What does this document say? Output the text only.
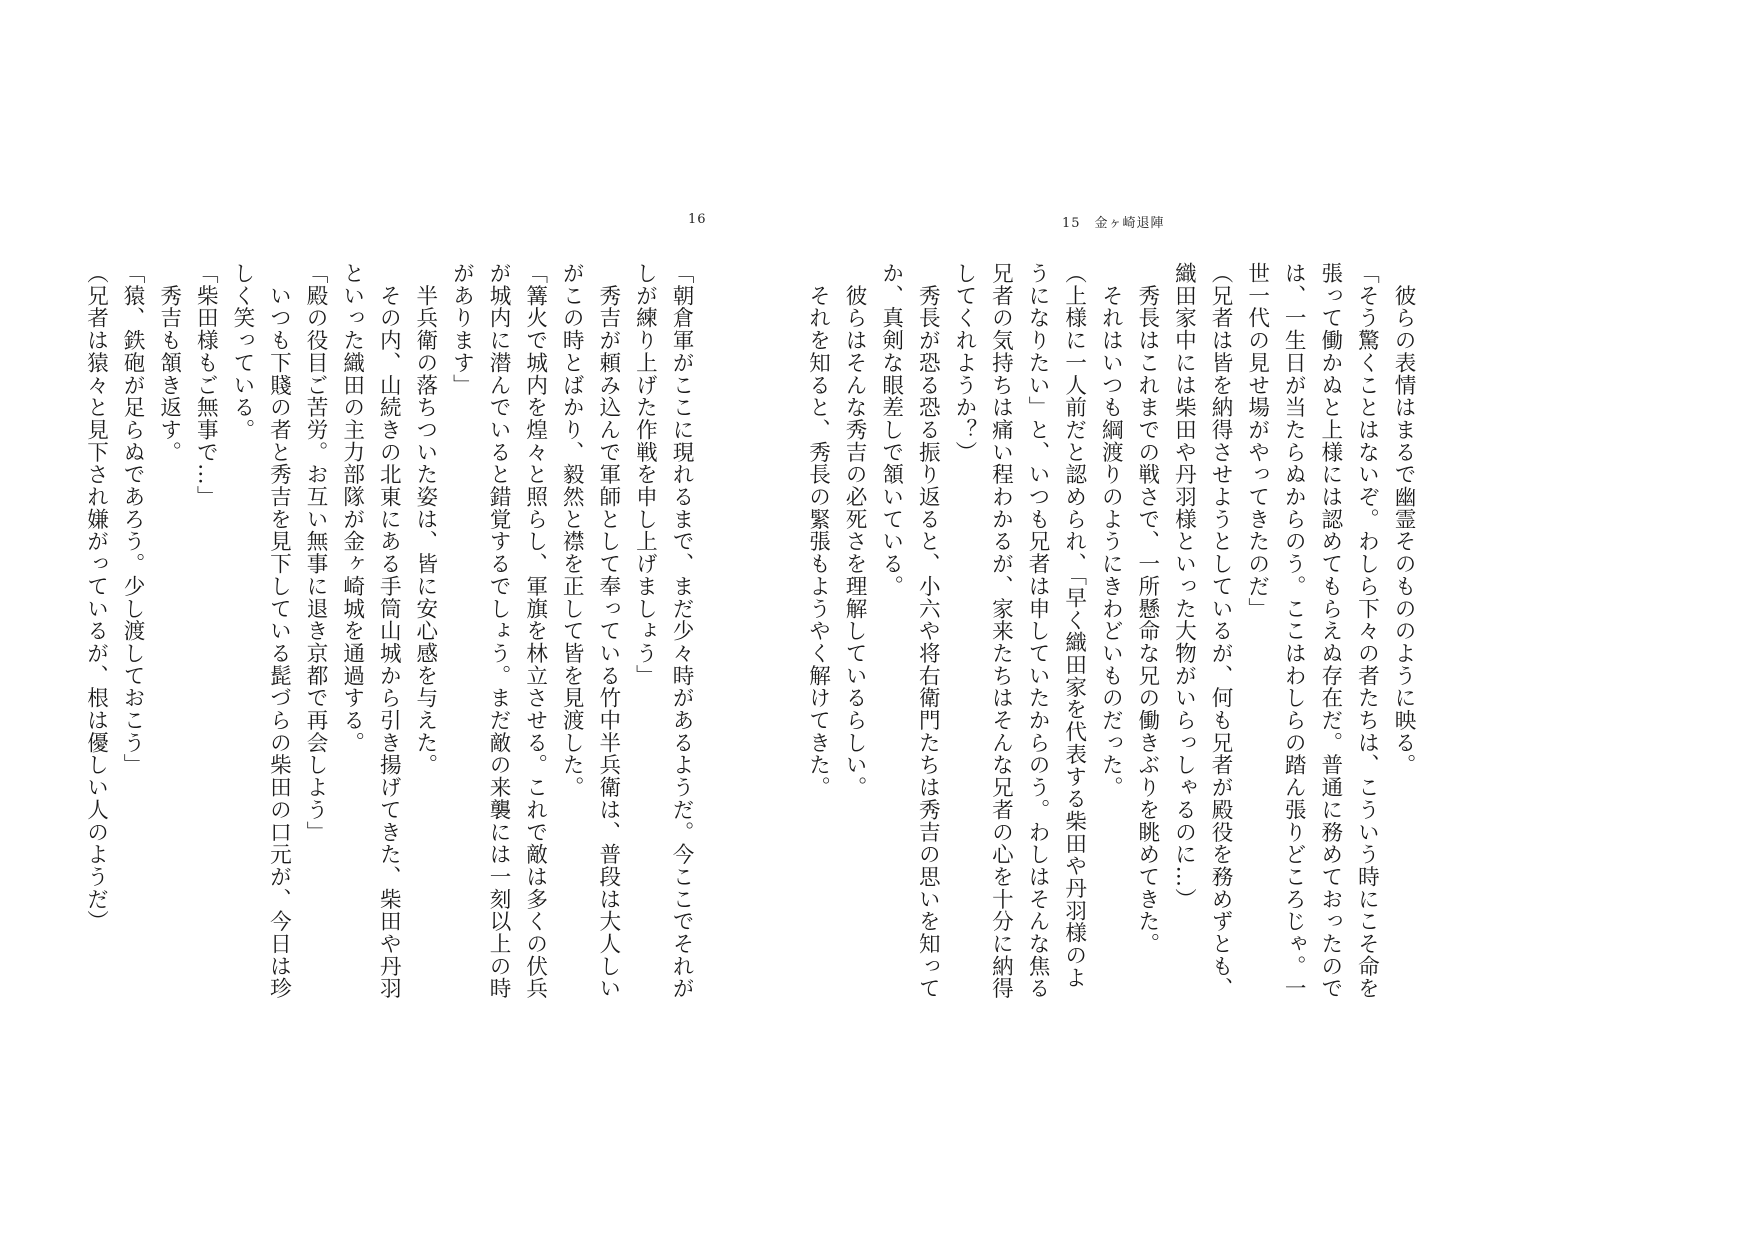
16

「朝倉軍がここに現れるまで、まだ少々時があるようだ。今ここでそれがしが練り上げた作戦を申し上げましょう」

　秀吉が頼み込んで軍師として奉っている竹中半兵衛は、普段は大人しいがこの時とばかり、毅然と襟を正して皆を見渡した。

「篝火で城内を煌々と照らし、軍旗を林立させる。これで敵は多くの伏兵が城内に潜んでいると錯覚するでしょう。まだ敵の来襲には一刻以上の時があります」

　半兵衛の落ちついた姿は、皆に安心感を与えた。

　その内、山続きの北東にある手筒山城から引き揚げてきた、柴田や丹羽といった織田の主力部隊が金ヶ崎城を通過する。

「殿の役目ご苦労。お互い無事に退き京都で再会しよう」

　いつも下賤の者と秀吉を見下している髭づらの柴田の口元が、今日は珍しく笑っている。

「柴田様もご無事で…」

　秀吉も頷き返す。

「猿、鉄砲が足らぬであろう。少し渡しておこう」

（兄者は猿々と見下され嫌がっているが、根は優しい人のようだ）

15　金ヶ崎退陣

　彼らの表情はまるで幽霊そのもののように映る。

「そう驚くことはないぞ。わしら下々の者たちは、こういう時にこそ命を張って働かぬと上様には認めてもらえぬ存在だ。普通に務めておったのでは、一生日が当たらぬからのう。ここはわしらの踏ん張りどころじゃ。一世一代の見せ場がやってきたのだ」

（兄者は皆を納得させようとしているが、何も兄者が殿役を務めずとも、織田家中には柴田や丹羽様といった大物がいらっしゃるのに…）

　秀長はこれまでの戦さで、一所懸命な兄の働きぶりを眺めてきた。

　それはいつも綱渡りのようにきわどいものだった。

（上様に一人前だと認められ、「早く織田家を代表する柴田や丹羽様のようになりたい」と、いつも兄者は申していたからのう。わしはそんな焦る兄者の気持ちは痛い程わかるが、家来たちはそんな兄者の心を十分に納得してくれようか？）

　秀長が恐る恐る振り返ると、小六や将右衛門たちは秀吉の思いを知ってか、真剣な眼差しで頷いている。

　彼らはそんな秀吉の必死さを理解しているらしい。

　それを知ると、秀長の緊張もようやく解けてきた。
